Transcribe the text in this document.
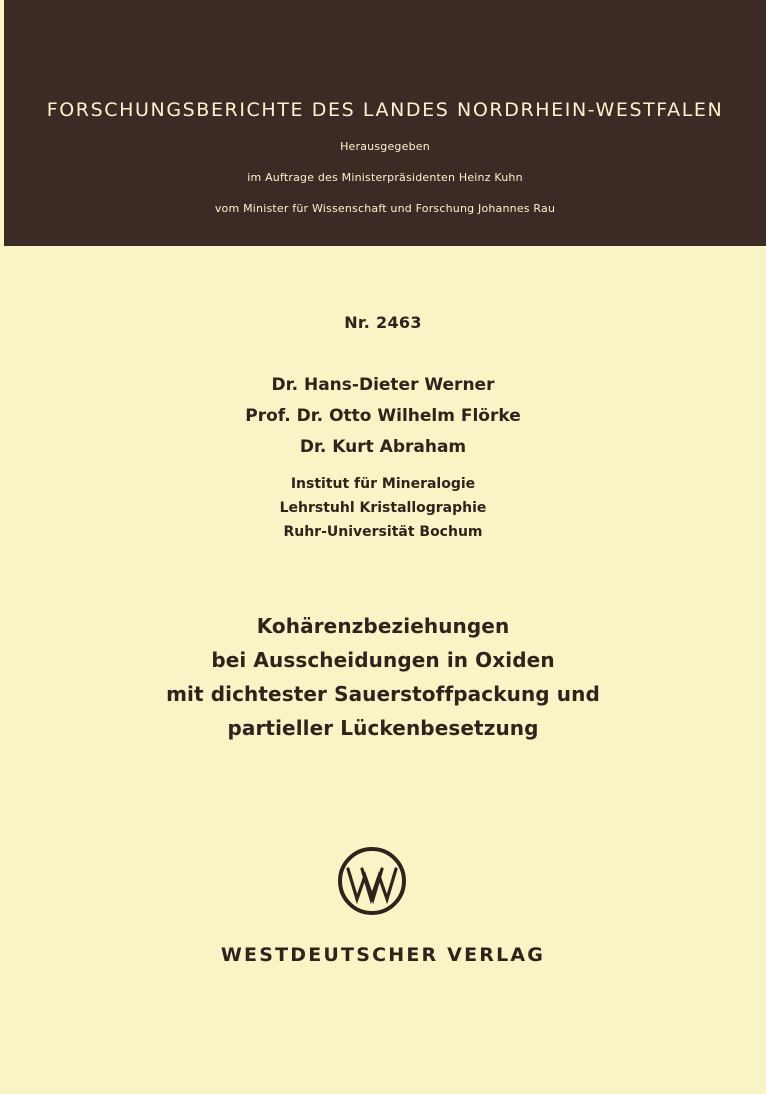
FORSCHUNGSBERICHTE DES LANDES NORDRHEIN-WESTFALEN
Herausgegeben
im Auftrage des Ministerpräsidenten Heinz Kuhn
vom Minister für Wissenschaft und Forschung Johannes Rau
Nr. 2463
Dr. Hans-Dieter Werner
Prof. Dr. Otto Wilhelm Flörke
Dr. Kurt Abraham
Institut für Mineralogie
Lehrstuhl Kristallographie
Ruhr-Universität Bochum
Kohärenzbeziehungen
bei Ausscheidungen in Oxiden
mit dichtester Sauerstoffpackung und
partieller Lückenbesetzung
WESTDEUTSCHER VERLAG
